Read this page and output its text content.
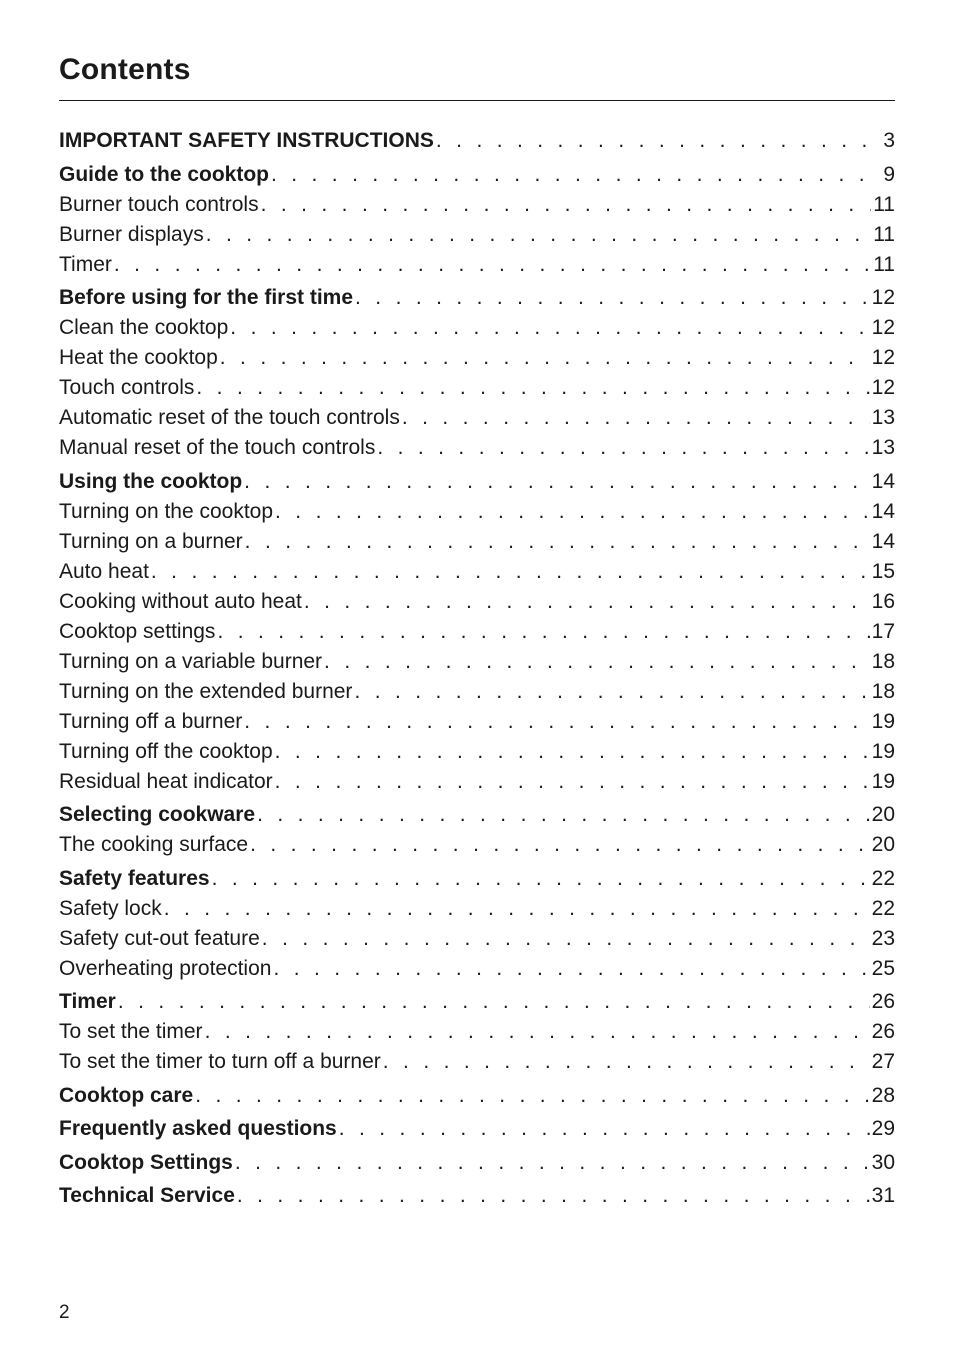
Contents
IMPORTANT SAFETY INSTRUCTIONS . . .	3
Guide to the cooktop . . .	9
Burner touch controls . . .	11
Burner displays . . .	11
Timer . . .	11
Before using for the first time . . .	12
Clean the cooktop . . .	12
Heat the cooktop . . .	12
Touch controls . . .	12
Automatic reset of the touch controls . . .	13
Manual reset of the touch controls . . .	13
Using the cooktop . . .	14
Turning on the cooktop . . .	14
Turning on a burner . . .	14
Auto heat . . .	15
Cooking without auto heat . . .	16
Cooktop settings . . .	17
Turning on a variable burner . . .	18
Turning on the extended burner . . .	18
Turning off a burner . . .	19
Turning off the cooktop . . .	19
Residual heat indicator . . .	19
Selecting cookware . . .	20
The cooking surface . . .	20
Safety features . . .	22
Safety lock . . .	22
Safety cut-out feature . . .	23
Overheating protection . . .	25
Timer . . .	26
To set the timer . . .	26
To set the timer to turn off a burner . . .	27
Cooktop care . . .	28
Frequently asked questions . . .	29
Cooktop Settings . . .	30
Technical Service . . .	31
2
